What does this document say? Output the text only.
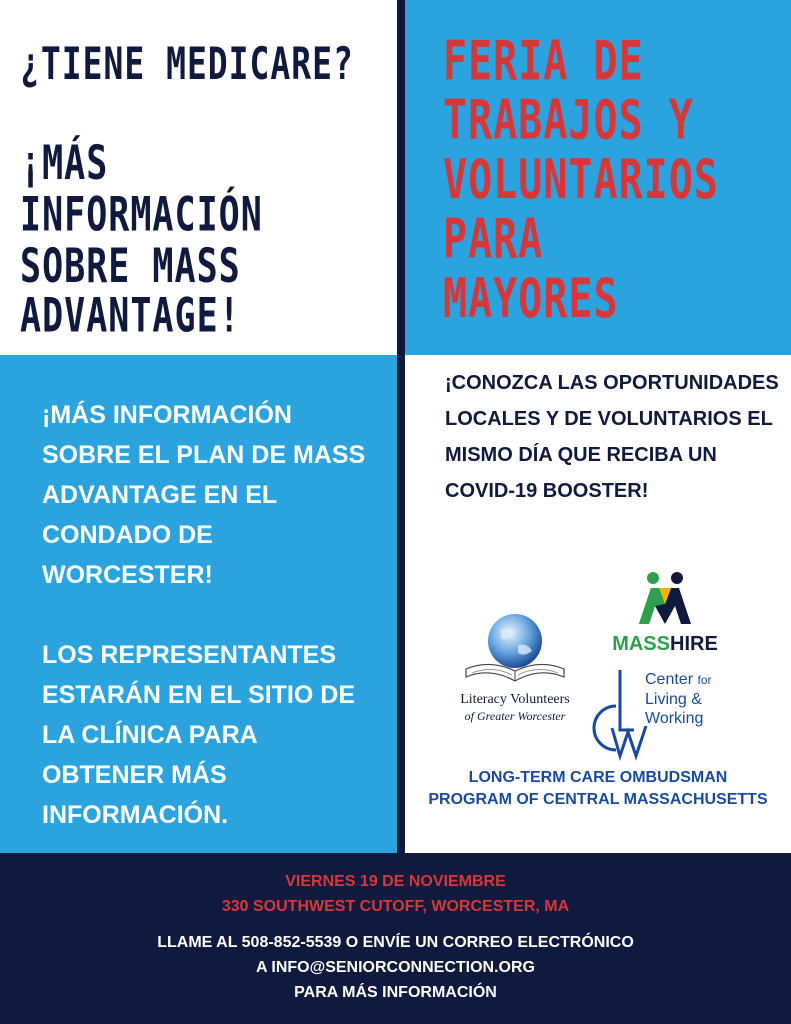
¿TIENE MEDICARE?
¡MÁS
INFORMACIÓN
SOBRE MASS
ADVANTAGE!
FERIA DE
TRABAJOS Y
VOLUNTARIOS
PARA
MAYORES
¡MÁS INFORMACIÓN SOBRE EL PLAN DE MASS ADVANTAGE EN EL CONDADO DE WORCESTER!
LOS REPRESENTANTES ESTARÁN EN EL SITIO DE LA CLÍNICA PARA OBTENER MÁS INFORMACIÓN.
¡CONOZCA LAS OPORTUNIDADES LOCALES Y DE VOLUNTARIOS EL MISMO DÍA QUE RECIBA UN COVID-19 BOOSTER!
MASSHIRE
Literacy Volunteers
of Greater Worcester
Center for
Living &
Working
LONG-TERM CARE OMBUDSMAN PROGRAM OF CENTRAL MASSACHUSETTS
VIERNES 19 DE NOVIEMBRE
330 SOUTHWEST CUTOFF, WORCESTER, MA
LLAME AL 508-852-5539 O ENVÍE UN CORREO ELECTRÓNICO
A INFO@SENIORCONNECTION.ORG
PARA MÁS INFORMACIÓN
